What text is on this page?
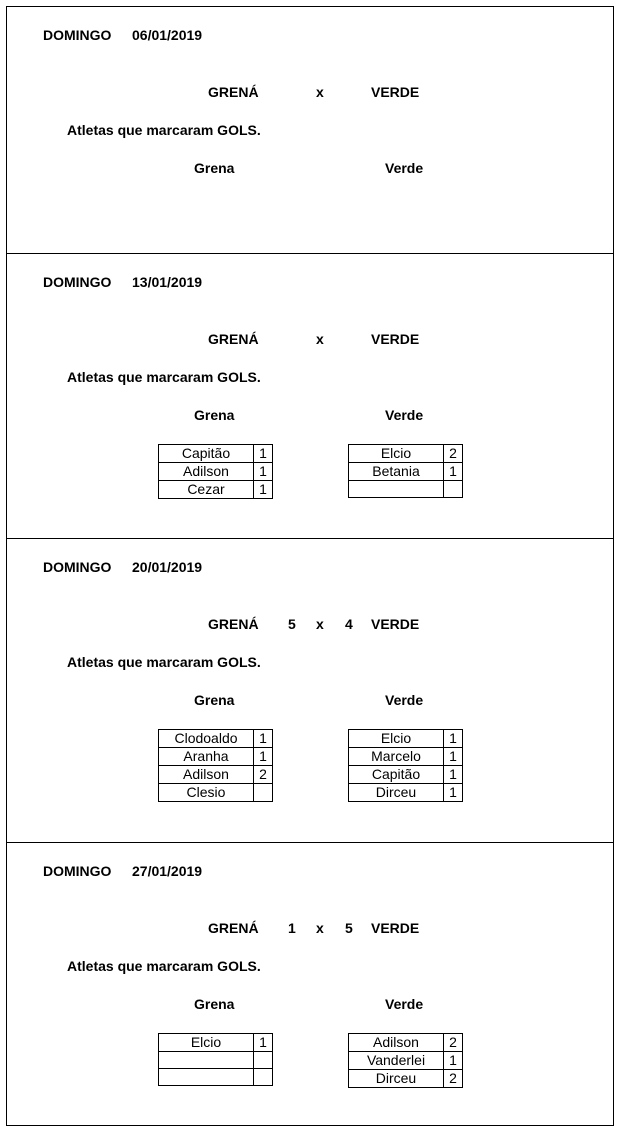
DOMINGO 06/01/2019
GRENÁ	x	VERDE
Atletas que marcaram GOLS.
Grena	Verde
DOMINGO 13/01/2019
GRENÁ	x	VERDE
Atletas que marcaram GOLS.
Grena	Verde
Capitão	1
Adilson	1
Cezar	1
Elcio	2
Betania	1

DOMINGO 20/01/2019
GRENÁ 5 x 4 VERDE
Atletas que marcaram GOLS.
Grena	Verde
Clodoaldo	1
Aranha	1
Adilson	2
Clesio	
Elcio	1
Marcelo	1
Capitão	1
Dirceu	1
DOMINGO 27/01/2019
GRENÁ 1 x 5 VERDE
Atletas que marcaram GOLS.
Grena	Verde
Elcio	1

		Adilson	2
Vanderlei	1
Dirceu	2
